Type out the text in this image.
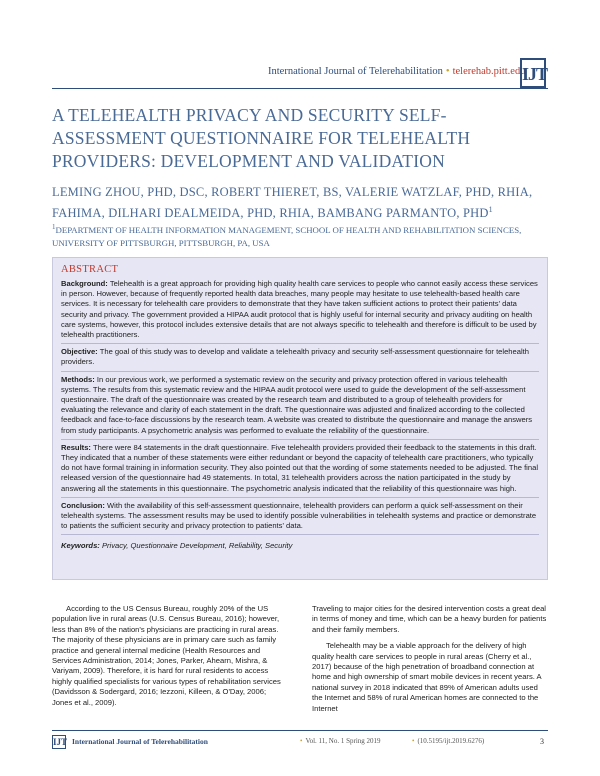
International Journal of Telerehabilitation • telerehab.pitt.edu
IJT
A TELEHEALTH PRIVACY AND SECURITY SELF-ASSESSMENT QUESTIONNAIRE FOR TELEHEALTH PROVIDERS: DEVELOPMENT AND VALIDATION
LEMING ZHOU, PHD, DSC, ROBERT THIERET, BS, VALERIE WATZLAF, PHD, RHIA, FAHIMA, DILHARI DEALMEIDA, PHD, RHIA, BAMBANG PARMANTO, PHD$^1$
$^1$DEPARTMENT OF HEALTH INFORMATION MANAGEMENT, SCHOOL OF HEALTH AND REHABILITATION SCIENCES, UNIVERSITY OF PITTSBURGH, PITTSBURGH, PA, USA
ABSTRACT

Background: Telehealth is a great approach for providing high quality health care services to people who cannot easily access these services in person. However, because of frequently reported health data breaches, many people may hesitate to use telehealth-based health care services. It is necessary for telehealth care providers to demonstrate that they have taken sufficient actions to protect their patients' data security and privacy. The government provided a HIPAA audit protocol that is highly useful for internal security and privacy auditing on health care systems, however, this protocol includes extensive details that are not always specific to telehealth and therefore is difficult to be used by telehealth practitioners.

Objective: The goal of this study was to develop and validate a telehealth privacy and security self-assessment questionnaire for telehealth providers.

Methods: In our previous work, we performed a systematic review on the security and privacy protection offered in various telehealth systems. The results from this systematic review and the HIPAA audit protocol were used to guide the development of the self-assessment questionnaire. The draft of the questionnaire was created by the research team and distributed to a group of telehealth providers for evaluating the relevance and clarity of each statement in the draft. The questionnaire was adjusted and finalized according to the collected feedback and face-to-face discussions by the research team. A website was created to distribute the questionnaire and manage the answers from study participants. A psychometric analysis was performed to evaluate the reliability of the questionnaire.

Results: There were 84 statements in the draft questionnaire. Five telehealth providers provided their feedback to the statements in this draft. They indicated that a number of these statements were either redundant or beyond the capacity of telehealth care practitioners, who typically do not have formal training in information security. They also pointed out that the wording of some statements needed to be adjusted. The final released version of the questionnaire had 49 statements. In total, 31 telehealth providers across the nation participated in the study by answering all the statements in this questionnaire. The psychometric analysis indicated that the reliability of this questionnaire was high.

Conclusion: With the availability of this self-assessment questionnaire, telehealth providers can perform a quick self-assessment on their telehealth systems. The assessment results may be used to identify possible vulnerabilities in telehealth systems and practice or demonstrate to patients the sufficient security and privacy protection to patients' data.

Keywords: Privacy, Questionnaire Development, Reliability, Security

According to the US Census Bureau, roughly 20% of the US population live in rural areas (U.S. Census Bureau, 2016); however, less than 8% of the nation's physicians are practicing in rural areas. The majority of these physicians are in primary care such as family practice and general internal medicine (Health Resources and Services Administration, 2014; Jones, Parker, Ahearn, Mishra, & Variyam, 2009). Therefore, it is hard for rural residents to access highly qualified specialists for various types of rehabilitation services (Davidsson & Sodergard, 2016; Iezzoni, Killeen, & O'Day, 2006; Jones et al., 2009).

Traveling to major cities for the desired intervention costs a great deal in terms of money and time, which can be a heavy burden for patients and their family members.

Telehealth may be a viable approach for the delivery of high quality health care services to people in rural areas (Cherry et al., 2017) because of the high penetration of broadband connection at home and high ownership of smart mobile devices in recent years. A national survey in 2018 indicated that 89% of American adults used the Internet and 58% of rural American homes are connected to the Internet

IJT International Journal of Telerehabilitation	• Vol. 11, No. 1 Spring 2019	• (10.5195/ijt.2019.6276)	3
